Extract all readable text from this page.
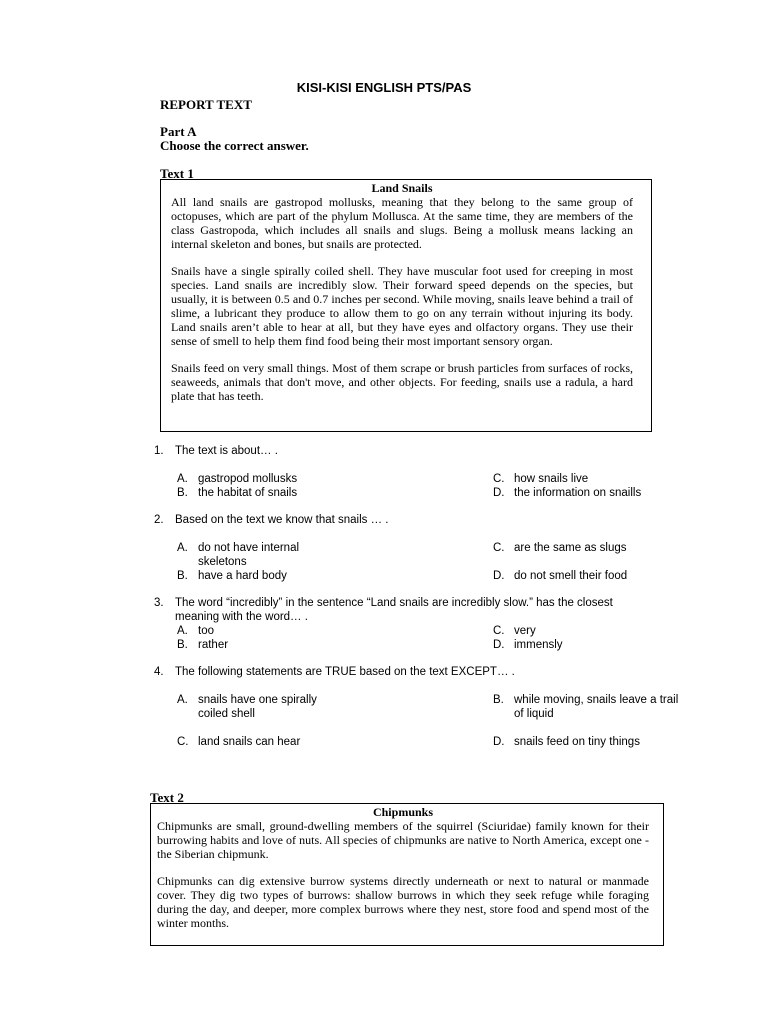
KISI-KISI ENGLISH PTS/PAS
REPORT TEXT
Part A
Choose the correct answer.
Text 1
Land Snails

All land snails are gastropod mollusks, meaning that they belong to the same group of octopuses, which are part of the phylum Mollusca. At the same time, they are members of the class Gastropoda, which includes all snails and slugs. Being a mollusk means lacking an internal skeleton and bones, but snails are protected.

Snails have a single spirally coiled shell. They have muscular foot used for creeping in most species. Land snails are incredibly slow. Their forward speed depends on the species, but usually, it is between 0.5 and 0.7 inches per second. While moving, snails leave behind a trail of slime, a lubricant they produce to allow them to go on any terrain without injuring its body. Land snails aren’t able to hear at all, but they have eyes and olfactory organs. They use their sense of smell to help them find food being their most important sensory organ.

Snails feed on very small things. Most of them scrape or brush particles from surfaces of rocks, seaweeds, animals that don't move, and other objects. For feeding, snails use a radula, a hard plate that has teeth.

1. The text is about… .
A. gastropod mollusks
B. the habitat of snails
C. how snails live
D. the information on snaills
2. Based on the text we know that snails … .
A. do not have internal skeletons
B. have a hard body
C. are the same as slugs
D. do not smell their food
3. The word “incredibly” in the sentence “Land snails are incredibly slow.” has the closest meaning with the word… .
A. too
B. rather
C. very
D. immensly
4. The following statements are TRUE based on the text EXCEPT… .
A. snails have one spirally coiled shell
B. while moving, snails leave a trail of liquid
C. land snails can hear	D. snails feed on tiny things
Text 2
Chipmunks

Chipmunks are small, ground-dwelling members of the squirrel (Sciuridae) family known for their burrowing habits and love of nuts. All species of chipmunks are native to North America, except one - the Siberian chipmunk.

Chipmunks can dig extensive burrow systems directly underneath or next to natural or manmade cover. They dig two types of burrows: shallow burrows in which they seek refuge while foraging during the day, and deeper, more complex burrows where they nest, store food and spend most of the winter months.
